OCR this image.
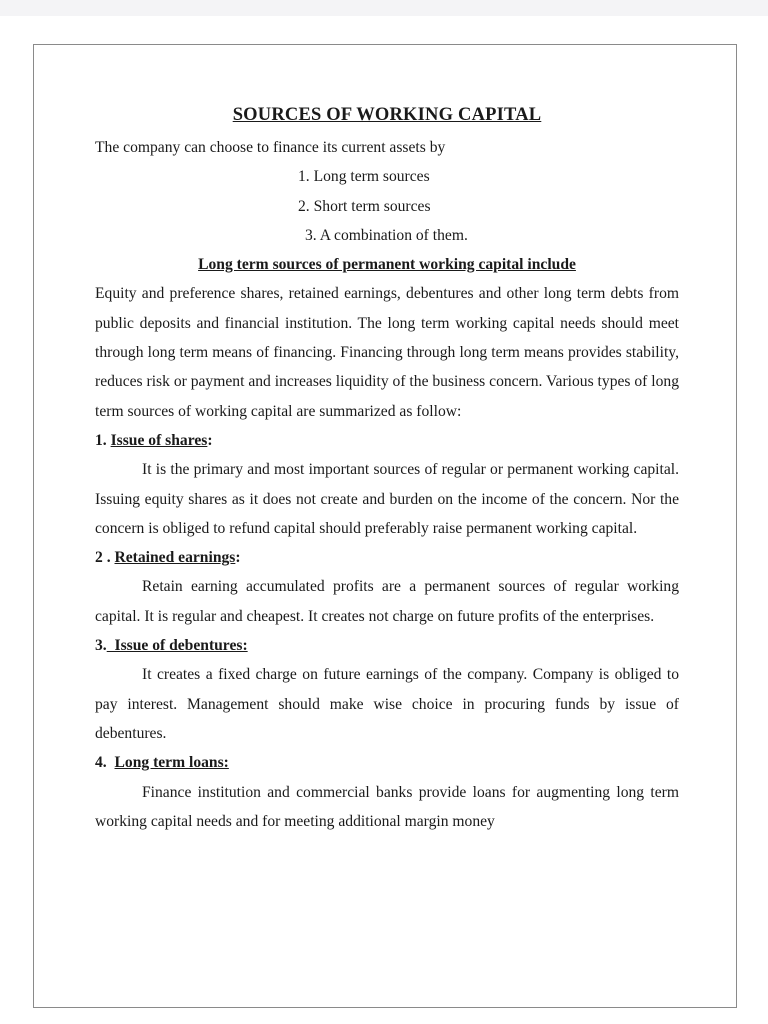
SOURCES OF WORKING CAPITAL

The company can choose to finance its current assets by

1. Long term sources
2. Short term sources
3. A combination of them.

Long term sources of permanent working capital include

Equity and preference shares, retained earnings, debentures and other long term debts from public deposits and financial institution. The long term working capital needs should meet through long term means of financing. Financing through long term means provides stability, reduces risk or payment and increases liquidity of the business concern. Various types of long term sources of working capital are summarized as follow:

1. Issue of shares:

It is the primary and most important sources of regular or permanent working capital. Issuing equity shares as it does not create and burden on the income of the concern. Nor the concern is obliged to refund capital should preferably raise permanent working capital.

2 . Retained earnings:

Retain earning accumulated profits are a permanent sources of regular working capital. It is regular and cheapest. It creates not charge on future profits of the enterprises.

3.  Issue of debentures:

It creates a fixed charge on future earnings of the company. Company is obliged to pay interest. Management should make wise choice in procuring funds by issue of debentures.

4.  Long term loans:

Finance institution and commercial banks provide loans for augmenting long term working capital needs and for meeting additional margin money
